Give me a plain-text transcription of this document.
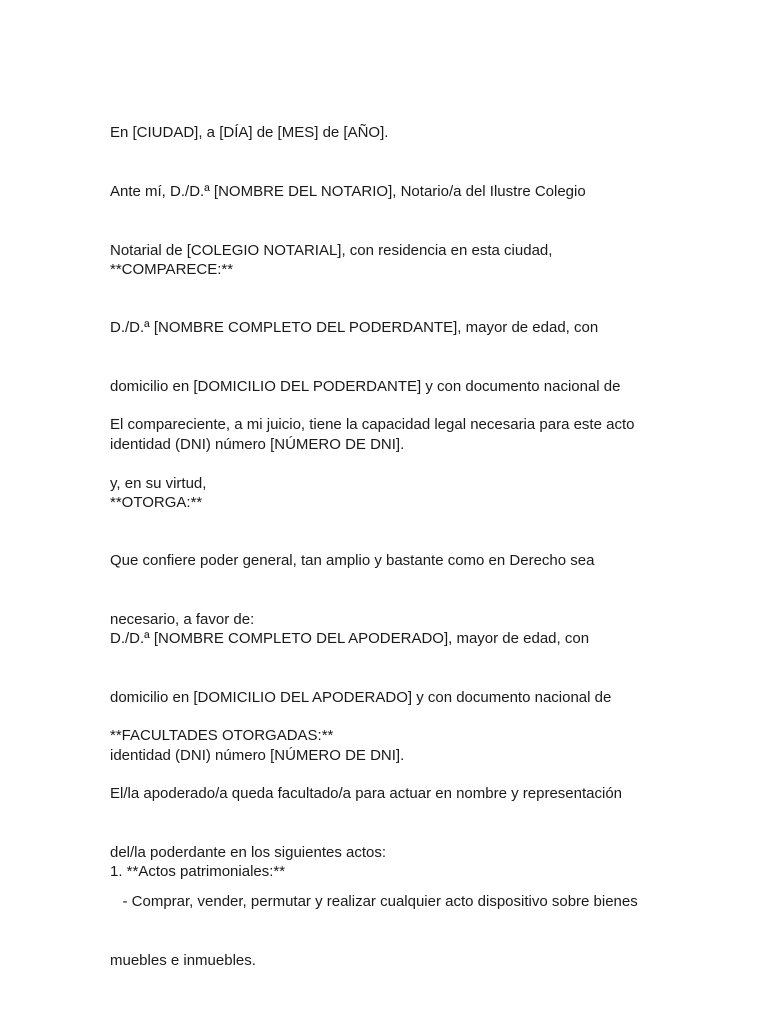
En [CIUDAD], a [DÍA] de [MES] de [AÑO].

Ante mí, D./D.ª [NOMBRE DEL NOTARIO], Notario/a del Ilustre Colegio

Notarial de [COLEGIO NOTARIAL], con residencia en esta ciudad,

**COMPARECE:**

D./D.ª [NOMBRE COMPLETO DEL PODERDANTE], mayor de edad, con

domicilio en [DOMICILIO DEL PODERDANTE] y con documento nacional de

identidad (DNI) número [NÚMERO DE DNI].

El compareciente, a mi juicio, tiene la capacidad legal necesaria para este acto

y, en su virtud,

**OTORGA:**

Que confiere poder general, tan amplio y bastante como en Derecho sea

necesario, a favor de:

D./D.ª [NOMBRE COMPLETO DEL APODERADO], mayor de edad, con

domicilio en [DOMICILIO DEL APODERADO] y con documento nacional de

identidad (DNI) número [NÚMERO DE DNI].

**FACULTADES OTORGADAS:**

El/la apoderado/a queda facultado/a para actuar en nombre y representación

del/la poderdante en los siguientes actos:

1. **Actos patrimoniales:**

- Comprar, vender, permutar y realizar cualquier acto dispositivo sobre bienes

muebles e inmuebles.
